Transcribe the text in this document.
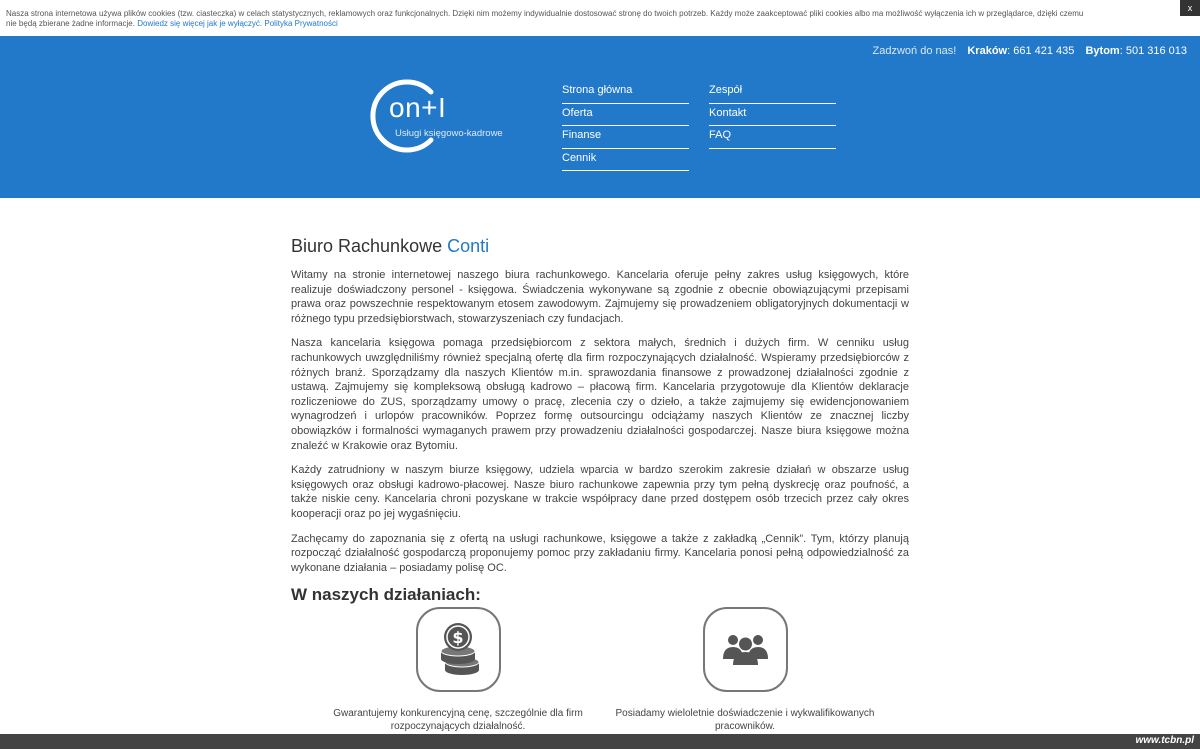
Nasza strona internetowa używa plików cookies (tzw. ciasteczka) w celach statystycznych, reklamowych oraz funkcjonalnych. Dzięki nim możemy indywidualnie dostosować stronę do twoich potrzeb. Każdy może zaakceptować pliki cookies albo ma możliwość wyłączenia ich w przeglądarce, dzięki czemu nie będą zbierane żadne informacje. Dowiedz się więcej jak je wyłączyć. Polityka Prywatności
x
Zadzwoń do nas! Kraków: 661 421 435 Bytom: 501 316 013
on+I
Usługi księgowo-kadrowe
Strona główna
Oferta
Finanse
Cennik
Zespół
Kontakt
FAQ
Biuro Rachunkowe Conti

Witamy na stronie internetowej naszego biura rachunkowego. Kancelaria oferuje pełny zakres usług księgowych, które realizuje doświadczony personel - księgowa. Świadczenia wykonywane są zgodnie z obecnie obowiązującymi przepisami prawa oraz powszechnie respektowanym etosem zawodowym. Zajmujemy się prowadzeniem obligatoryjnych dokumentacji w różnego typu przedsiębiorstwach, stowarzyszeniach czy fundacjach.

Nasza kancelaria księgowa pomaga przedsiębiorcom z sektora małych, średnich i dużych firm. W cenniku usług rachunkowych uwzględniliśmy również specjalną ofertę dla firm rozpoczynających działalność. Wspieramy przedsiębiorców z różnych branż. Sporządzamy dla naszych Klientów m.in. sprawozdania finansowe z prowadzonej działalności zgodnie z ustawą. Zajmujemy się kompleksową obsługą kadrowo – płacową firm. Kancelaria przygotowuje dla Klientów deklaracje rozliczeniowe do ZUS, sporządzamy umowy o pracę, zlecenia czy o dzieło, a także zajmujemy się ewidencjonowaniem wynagrodzeń i urlopów pracowników. Poprzez formę outsourcingu odciążamy naszych Klientów ze znacznej liczby obowiązków i formalności wymaganych prawem przy prowadzeniu działalności gospodarczej. Nasze biura księgowe można znaleźć w Krakowie oraz Bytomiu.

Każdy zatrudniony w naszym biurze księgowy, udziela wparcia w bardzo szerokim zakresie działań w obszarze usług księgowych oraz obsługi kadrowo-płacowej. Nasze biuro rachunkowe zapewnia przy tym pełną dyskrecję oraz poufność, a także niskie ceny. Kancelaria chroni pozyskane w trakcie współpracy dane przed dostępem osób trzecich przez cały okres kooperacji oraz po jej wygaśnięciu.

Zachęcamy do zapoznania się z ofertą na usługi rachunkowe, księgowe a także z zakładką „Cennik”. Tym, którzy planują rozpocząć działalność gospodarczą proponujemy pomoc przy zakładaniu firmy. Kancelaria ponosi pełną odpowiedzialność za wykonane działania – posiadamy polisę OC.

W naszych działaniach:
$

Gwarantujemy konkurencyjną cenę, szczególnie dla firm rozpoczynających działalność.

Posiadamy wieloletnie doświadczenie i wykwalifikowanych pracowników.

www.tcbn.pl
